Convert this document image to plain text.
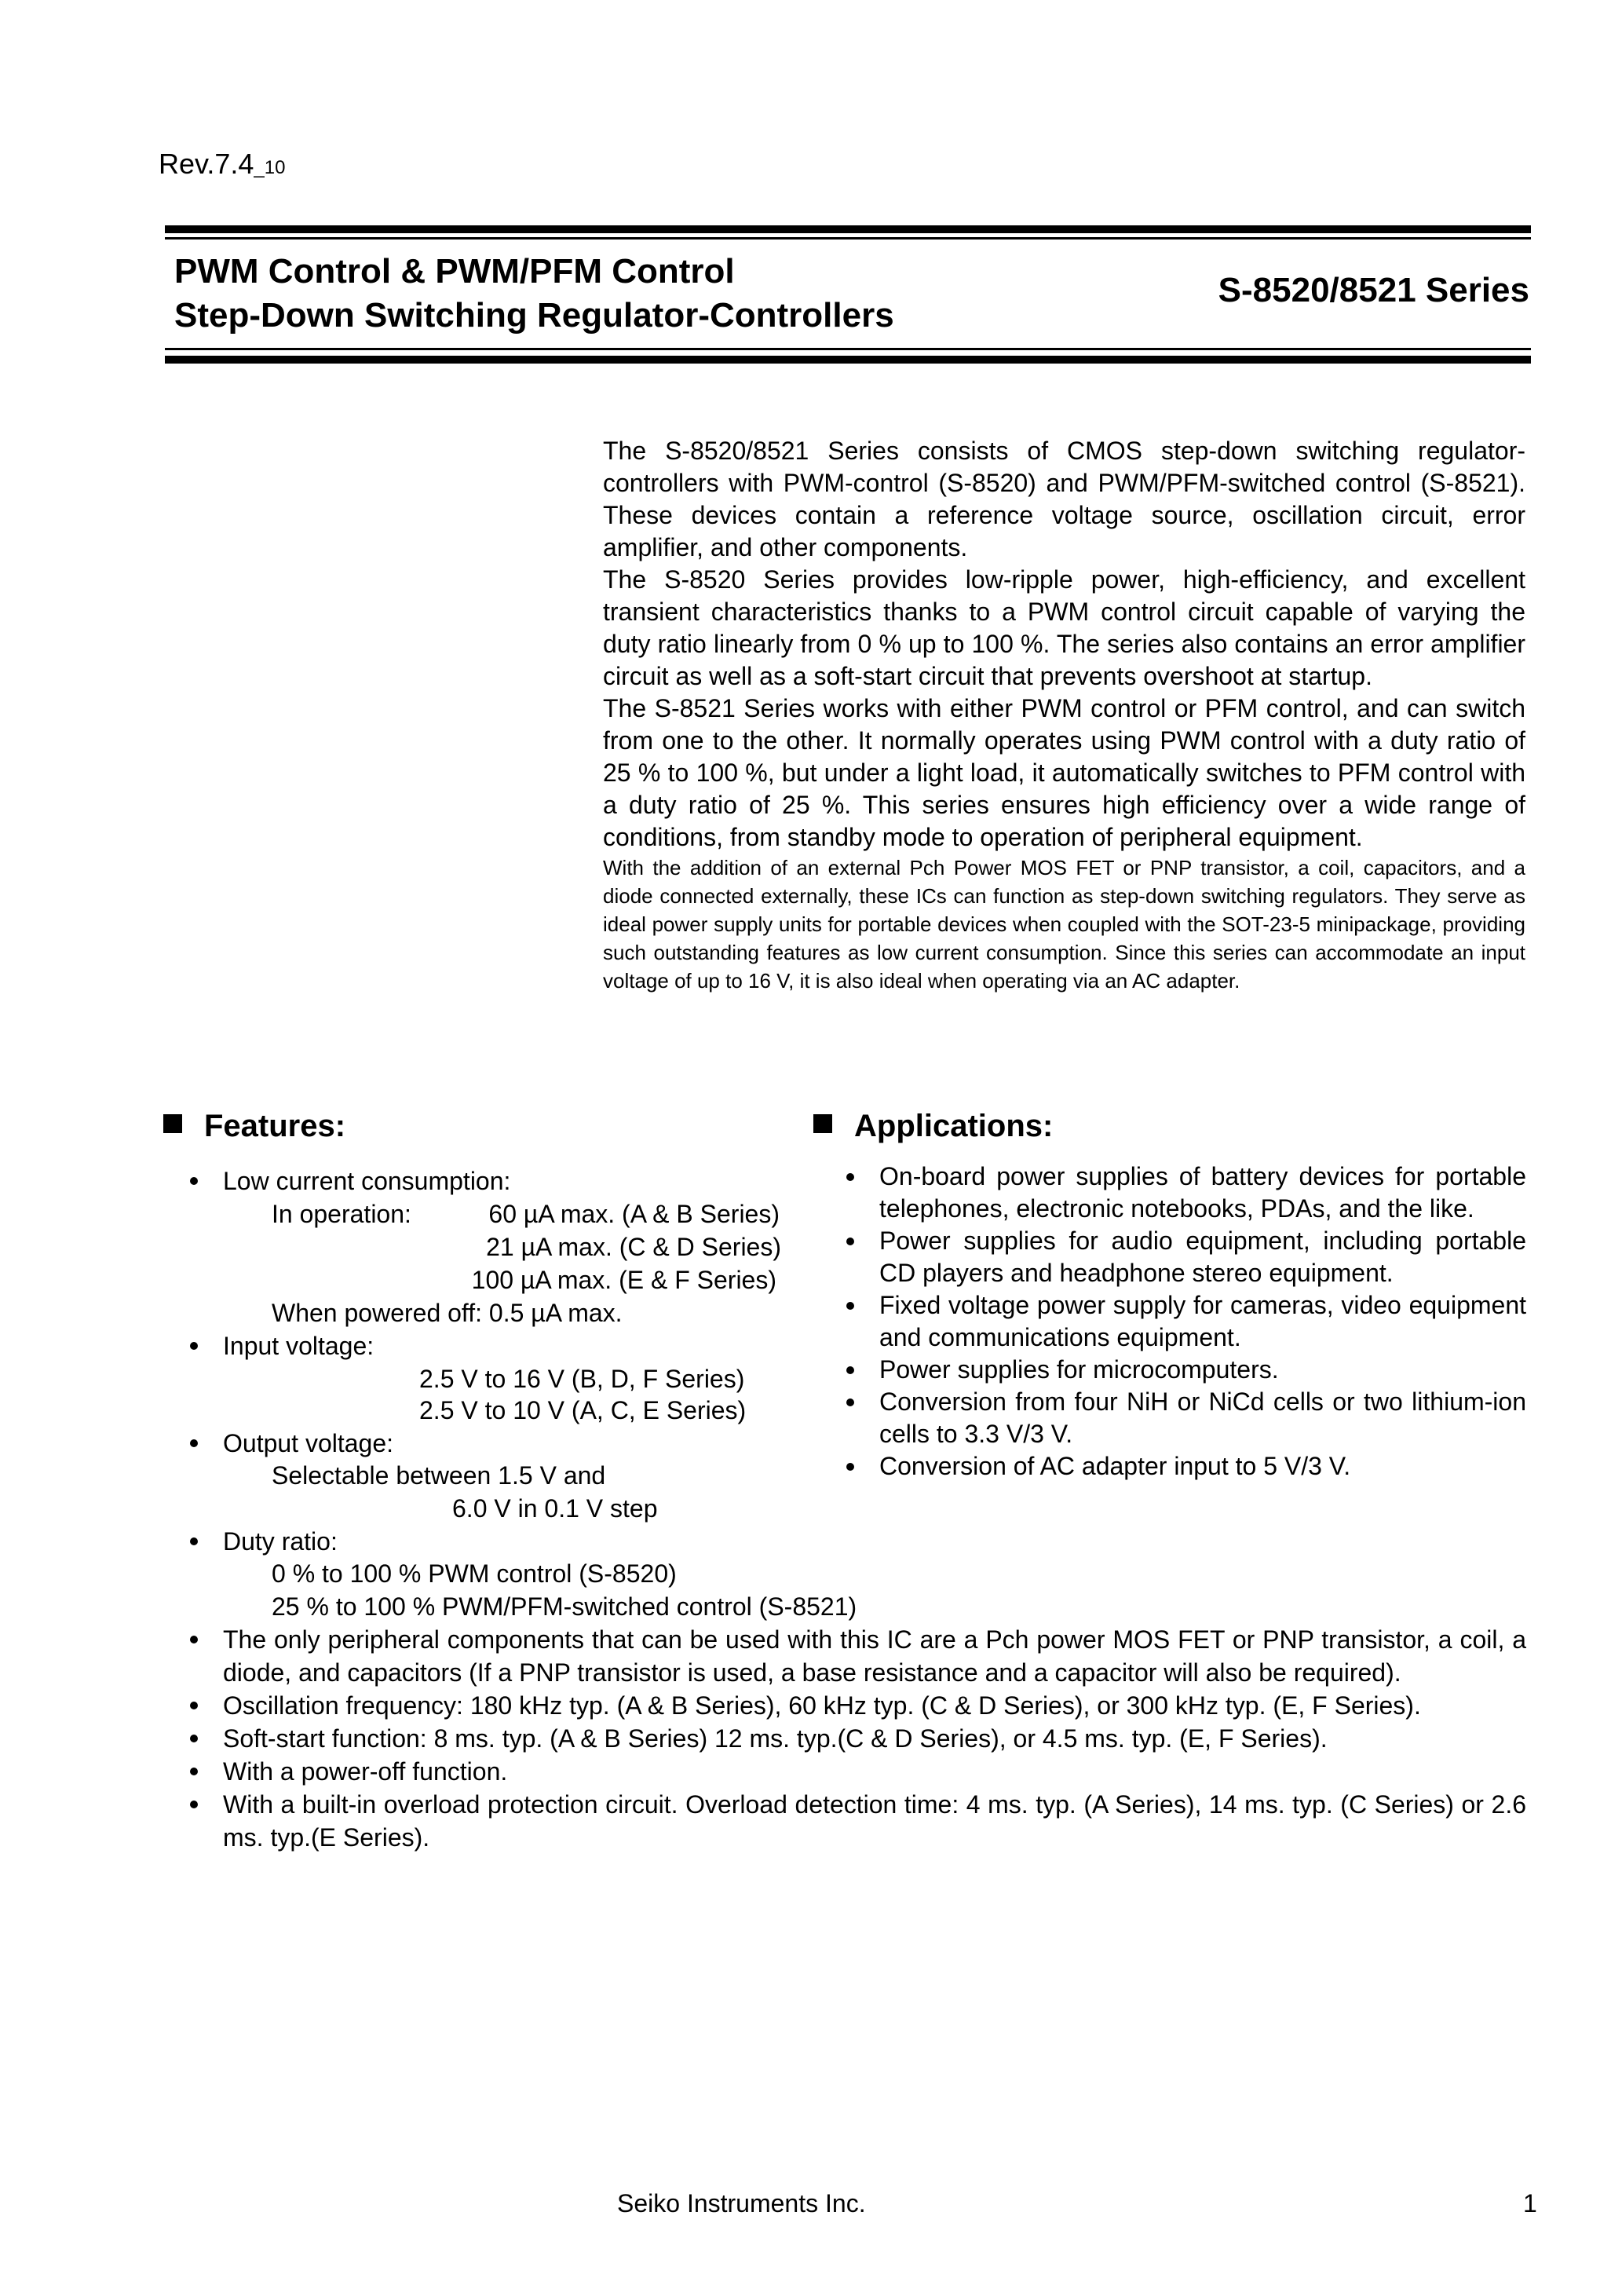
Rev.7.4_10
PWM Control & PWM/PFM Control
Step-Down Switching Regulator-Controllers
S-8520/8521 Series

The S-8520/8521 Series consists of CMOS step-down switching regulator-controllers with PWM-control (S-8520) and PWM/PFM-switched control (S-8521). These devices contain a reference voltage source, oscillation circuit, error amplifier, and other components.

The S-8520 Series provides low-ripple power, high-efficiency, and excellent transient characteristics thanks to a PWM control circuit capable of varying the duty ratio linearly from 0 % up to 100 %. The series also contains an error amplifier circuit as well as a soft-start circuit that prevents overshoot at startup.

The S-8521 Series works with either PWM control or PFM control, and can switch from one to the other. It normally operates using PWM control with a duty ratio of 25 % to 100 %, but under a light load, it automatically switches to PFM control with a duty ratio of 25 %. This series ensures high efficiency over a wide range of conditions, from standby mode to operation of peripheral equipment.

With the addition of an external Pch Power MOS FET or PNP transistor, a coil, capacitors, and a diode connected externally, these ICs can function as step-down switching regulators. They serve as ideal power supply units for portable devices when coupled with the SOT-23-5 minipackage, providing such outstanding features as low current consumption. Since this series can accommodate an input voltage of up to 16 V, it is also ideal when operating via an AC adapter.

Features:	Applications:
Low current consumption:
In operation:	60 µA max. (A & B Series)
21 µA max. (C & D Series)
100 µA max. (E & F Series)
When powered off: 0.5 µA max.
Input voltage:
2.5 V to 16 V (B, D, F Series)
2.5 V to 10 V (A, C, E Series)
Output voltage:
Selectable between 1.5 V and
6.0 V in 0.1 V step
Duty ratio:
0 % to 100 % PWM control (S-8520)
25 % to 100 % PWM/PFM-switched control (S-8521)
On-board power supplies of battery devices for portable telephones, electronic notebooks, PDAs, and the like.
Power supplies for audio equipment, including portable CD players and headphone stereo equipment.
Fixed voltage power supply for cameras, video equipment and communications equipment.
Power supplies for microcomputers.
Conversion from four NiH or NiCd cells or two lithium-ion cells to 3.3 V/3 V.
Conversion of AC adapter input to 5 V/3 V.
The only peripheral components that can be used with this IC are a Pch power MOS FET or PNP transistor, a coil, a diode, and capacitors (If a PNP transistor is used, a base resistance and a capacitor will also be required).
Oscillation frequency: 180 kHz typ. (A & B Series), 60 kHz typ. (C & D Series), or 300 kHz typ. (E, F Series).
Soft-start function: 8 ms. typ. (A & B Series) 12 ms. typ.(C & D Series), or 4.5 ms. typ. (E, F Series).
With a power-off function.
With a built-in overload protection circuit. Overload detection time: 4 ms. typ. (A Series), 14 ms. typ. (C Series) or 2.6 ms. typ.(E Series).
Seiko Instruments Inc.	1
